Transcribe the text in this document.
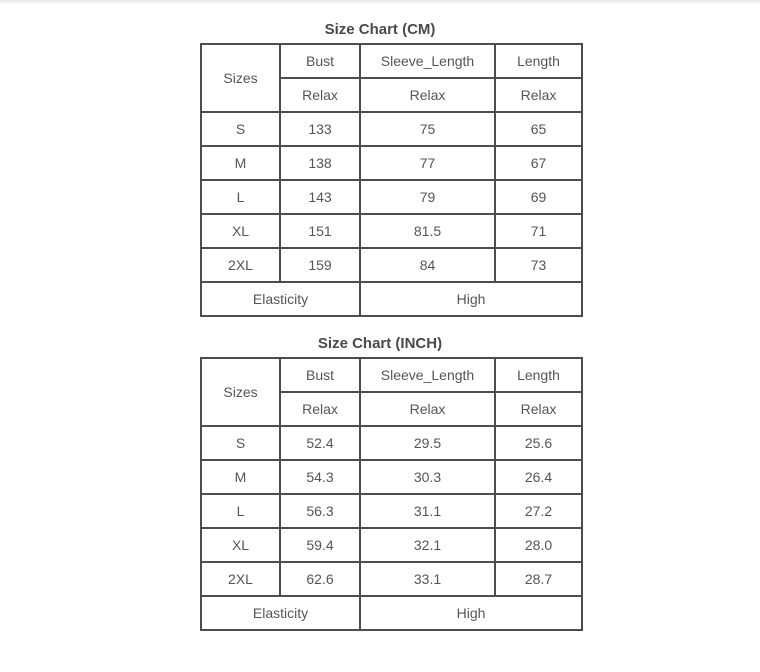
Size Chart (CM)
Sizes	Bust	Sleeve_Length	Length
	Relax	Relax	Relax
S	133	75	65
M	138	77	67
L	143	79	69
XL	151	81.5	71
2XL	159	84	73
Elasticity		High	
Size Chart (INCH)
Sizes	Bust	Sleeve_Length	Length
	Relax	Relax	Relax
S	52.4	29.5	25.6
M	54.3	30.3	26.4
L	56.3	31.1	27.2
XL	59.4	32.1	28.0
2XL	62.6	33.1	28.7
Elasticity		High	
